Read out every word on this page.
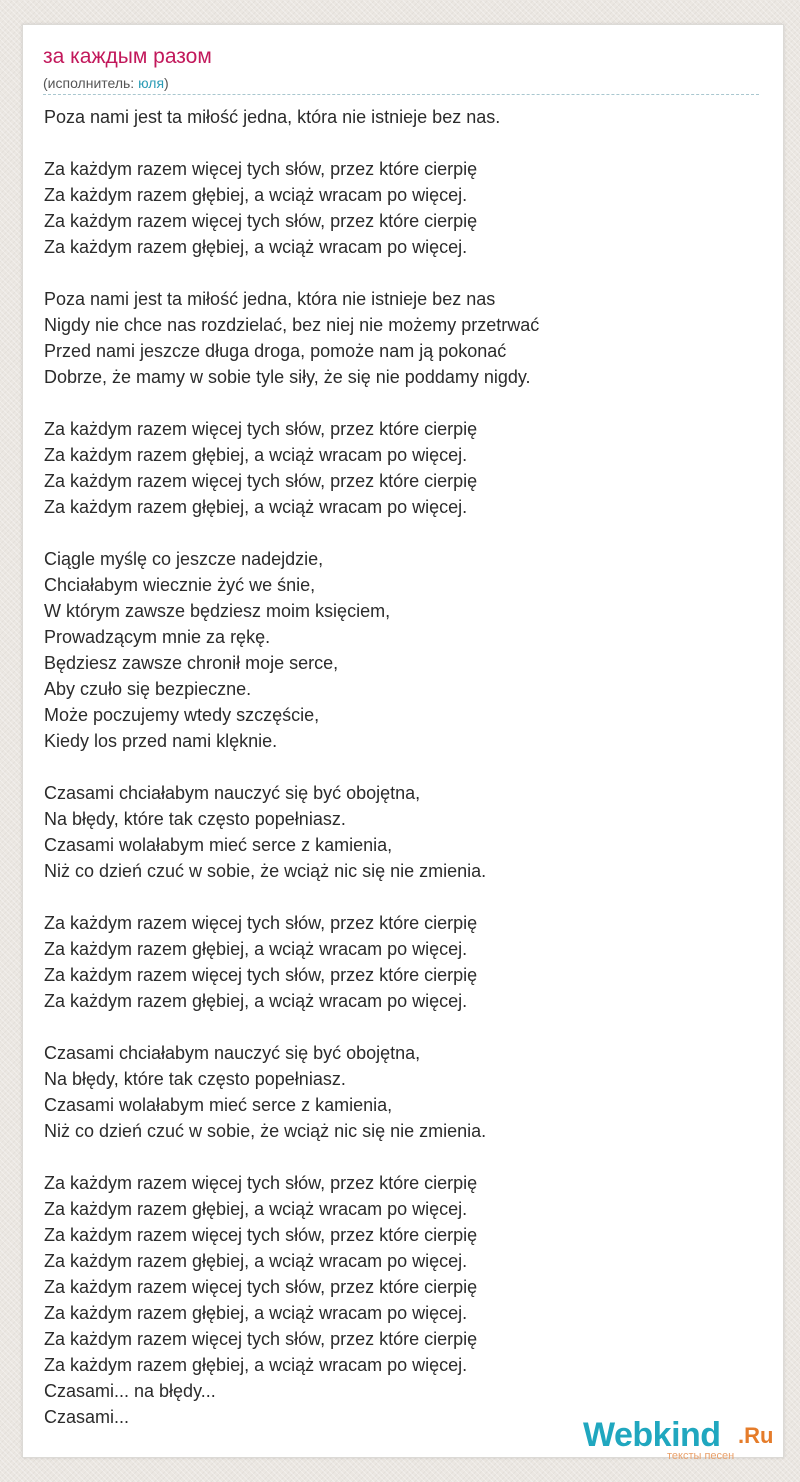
за каждым разом
(исполнитель: юля)
Poza nami jest ta miłość jedna, która nie istnieje bez nas.
Za każdym razem więcej tych słów, przez które cierpię
Za każdym razem głębiej, a wciąż wracam po więcej.
Za każdym razem więcej tych słów, przez które cierpię
Za każdym razem głębiej, a wciąż wracam po więcej.
Poza nami jest ta miłość jedna, która nie istnieje bez nas
Nigdy nie chce nas rozdzielać, bez niej nie możemy przetrwać
Przed nami jeszcze długa droga, pomoże nam ją pokonać
Dobrze, że mamy w sobie tyle siły, że się nie poddamy nigdy.
Za każdym razem więcej tych słów, przez które cierpię
Za każdym razem głębiej, a wciąż wracam po więcej.
Za każdym razem więcej tych słów, przez które cierpię
Za każdym razem głębiej, a wciąż wracam po więcej.
Ciągle myślę co jeszcze nadejdzie,
Chciałabym wiecznie żyć we śnie,
W którym zawsze będziesz moim księciem,
Prowadzącym mnie za rękę.
Będziesz zawsze chronił moje serce,
Aby czuło się bezpieczne.
Może poczujemy wtedy szczęście,
Kiedy los przed nami klęknie.
Czasami chciałabym nauczyć się być obojętna,
Na błędy, które tak często popełniasz.
Czasami wolałabym mieć serce z kamienia,
Niż co dzień czuć w sobie, że wciąż nic się nie zmienia.
Za każdym razem więcej tych słów, przez które cierpię
Za każdym razem głębiej, a wciąż wracam po więcej.
Za każdym razem więcej tych słów, przez które cierpię
Za każdym razem głębiej, a wciąż wracam po więcej.
Czasami chciałabym nauczyć się być obojętna,
Na błędy, które tak często popełniasz.
Czasami wolałabym mieć serce z kamienia,
Niż co dzień czuć w sobie, że wciąż nic się nie zmienia.
Za każdym razem więcej tych słów, przez które cierpię
Za każdym razem głębiej, a wciąż wracam po więcej.
Za każdym razem więcej tych słów, przez które cierpię
Za każdym razem głębiej, a wciąż wracam po więcej.
Za każdym razem więcej tych słów, przez które cierpię
Za każdym razem głębiej, a wciąż wracam po więcej.
Za każdym razem więcej tych słów, przez które cierpię
Za każdym razem głębiej, a wciąż wracam po więcej.
Czasami... na błędy...
Czasami...	Webkind .Ru
тексты песен
